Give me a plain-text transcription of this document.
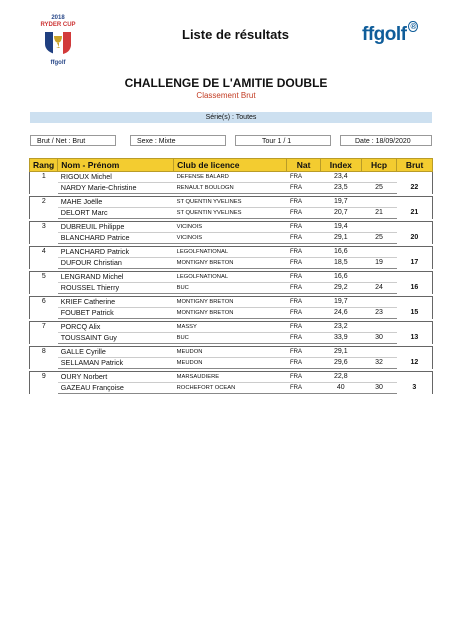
2018
RYDER CUP
ffgolf
Liste de résultats	ffgolf ®
CHALLENGE DE L'AMITIE DOUBLE
Classement Brut
Série(s) : Toutes
Brut / Net : Brut	Sexe : Mixte	Tour 1 / 1	Date : 18/09/2020
Rang	Nom - Prénom	Club de licence	Nat	Index	Hcp	Brut
1	RIGOUX Michel	DEFENSE BALARD	FRA	23,4		
	NARDY Marie-Christine	RENAULT BOULOGN	FRA	23,5	25	22

2	MAHE Joëlle	ST QUENTIN YVELINES	FRA	19,7		
	DELORT Marc	ST QUENTIN YVELINES	FRA	20,7	21	21

3	DUBREUIL Philippe	VICINOIS	FRA	19,4		
	BLANCHARD Patrice	VICINOIS	FRA	29,1	25	20

4	PLANCHARD Patrick	LEGOLFNATIONAL	FRA	16,6		
	DUFOUR Christian	MONTIGNY BRETON	FRA	18,5	19	17

5	LENGRAND Michel	LEGOLFNATIONAL	FRA	16,6		
	ROUSSEL Thierry	BUC	FRA	29,2	24	16

6	KRIEF Catherine	MONTIGNY BRETON	FRA	19,7		
	FOUBET Patrick	MONTIGNY BRETON	FRA	24,6	23	15

7	PORCQ Alix	MASSY	FRA	23,2		
	TOUSSAINT Guy	BUC	FRA	33,9	30	13

8	GALLE Cyrille	MEUDON	FRA	29,1		
	SELLAMAN Patrick	MEUDON	FRA	29,6	32	12

9	OURY Norbert	MARSAUDIERE	FRA	22,8		
	GAZEAU Françoise	ROCHEFORT OCEAN	FRA	40	30	3
